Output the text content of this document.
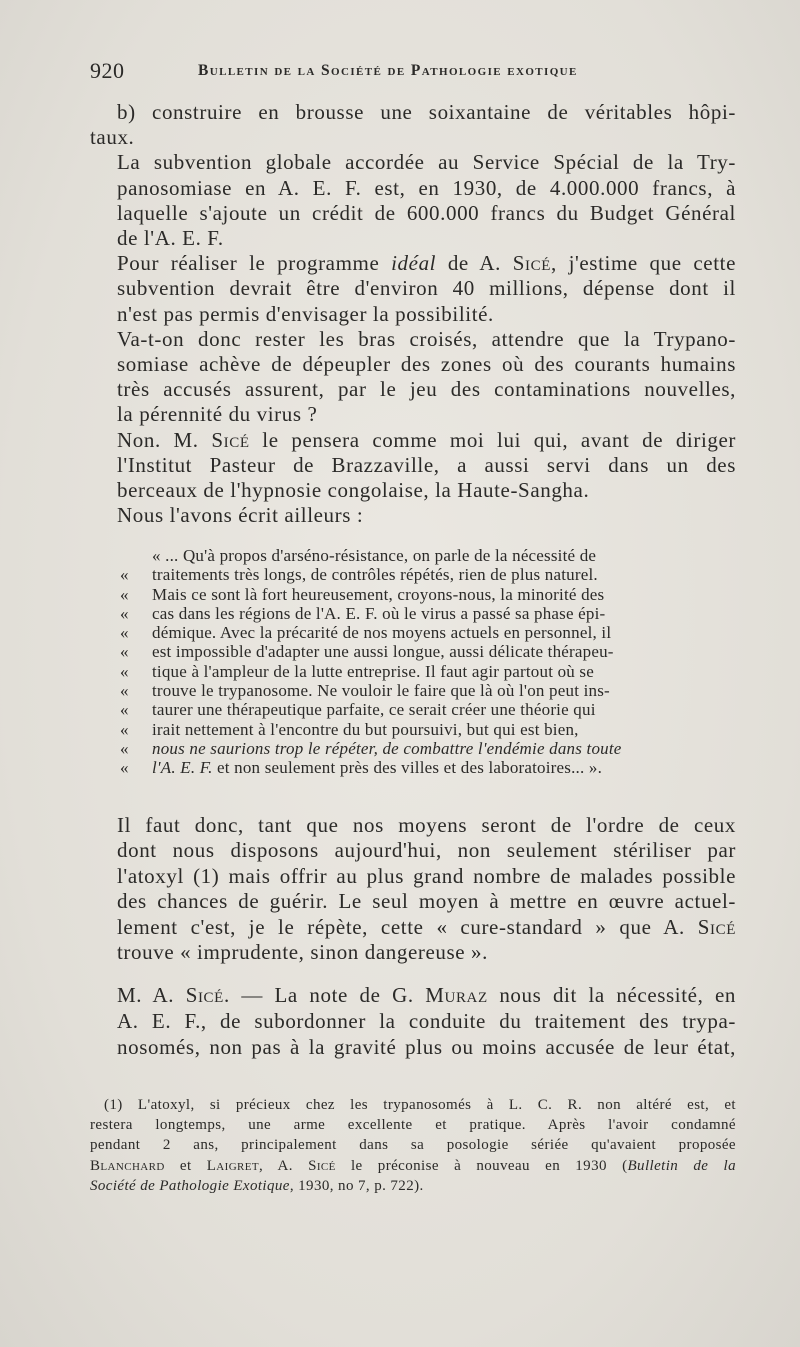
920	Bulletin de la Société de Pathologie exotique

b) construire en brousse une soixantaine de véritables hôpi-
taux.

La subvention globale accordée au Service Spécial de la Try-
panosomiase en A. E. F. est, en 1930, de 4.000.000 francs, à
laquelle s'ajoute un crédit de 600.000 francs du Budget Général
de l'A. E. F.

Pour réaliser le programme idéal de A. Sicé, j'estime que cette
subvention devrait être d'environ 40 millions, dépense dont il
n'est pas permis d'envisager la possibilité.

Va-t-on donc rester les bras croisés, attendre que la Trypano-
somiase achève de dépeupler des zones où des courants humains
très accusés assurent, par le jeu des contaminations nouvelles,
la pérennité du virus ?

Non. M. Sicé le pensera comme moi lui qui, avant de diriger
l'Institut Pasteur de Brazzaville, a aussi servi dans un des
berceaux de l'hypnosie congolaise, la Haute-Sangha.

Nous l'avons écrit ailleurs :

« ... Qu'à propos d'arséno-résistance, on parle de la nécessité de
« traitements très longs, de contrôles répétés, rien de plus naturel.
« Mais ce sont là fort heureusement, croyons-nous, la minorité des
« cas dans les régions de l'A. E. F. où le virus a passé sa phase épi-
« démique. Avec la précarité de nos moyens actuels en personnel, il
« est impossible d'adapter une aussi longue, aussi délicate thérapeu-
« tique à l'ampleur de la lutte entreprise. Il faut agir partout où se
« trouve le trypanosome. Ne vouloir le faire que là où l'on peut ins-
« taurer une thérapeutique parfaite, ce serait créer une théorie qui
« irait nettement à l'encontre du but poursuivi, but qui est bien,
« nous ne saurions trop le répéter, de combattre l'endémie dans toute
« l'A. E. F. et non seulement près des villes et des laboratoires... ».

Il faut donc, tant que nos moyens seront de l'ordre de ceux
dont nous disposons aujourd'hui, non seulement stériliser par
l'atoxyl (1) mais offrir au plus grand nombre de malades possible
des chances de guérir. Le seul moyen à mettre en œuvre actuel-
lement c'est, je le répète, cette « cure-standard » que A. Sicé
trouve « imprudente, sinon dangereuse ».

M. A. Sicé. — La note de G. Muraz nous dit la nécessité, en
A. E. F., de subordonner la conduite du traitement des trypa-
nosomés, non pas à la gravité plus ou moins accusée de leur état,

(1) L'atoxyl, si précieux chez les trypanosomés à L. C. R. non altéré est, et
restera longtemps, une arme excellente et pratique. Après l'avoir condamné
pendant 2 ans, principalement dans sa posologie sériée qu'avaient proposée
Blanchard et Laigret, A. Sicé le préconise à nouveau en 1930 (Bulletin de la
Société de Pathologie Exotique, 1930, no 7, p. 722).
